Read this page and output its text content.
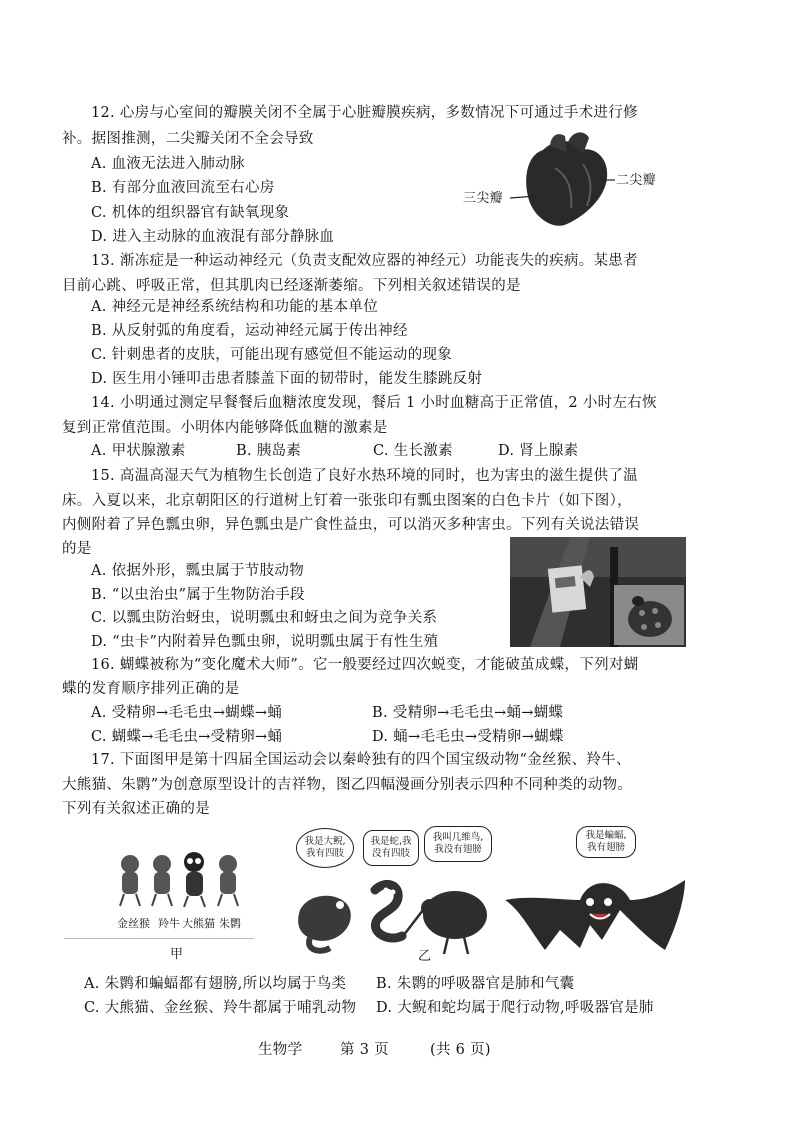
12. 心房与心室间的瓣膜关闭不全属于心脏瓣膜疾病，多数情况下可通过手术进行修
补。据图推测，二尖瓣关闭不全会导致
A. 血液无法进入肺动脉
B. 有部分血液回流至右心房
C. 机体的组织器官有缺氧现象
D. 进入主动脉的血液混有部分静脉血
三尖瓣
二尖瓣
13. 渐冻症是一种运动神经元（负责支配效应器的神经元）功能丧失的疾病。某患者
目前心跳、呼吸正常，但其肌肉已经逐渐萎缩。下列相关叙述错误的是
A. 神经元是神经系统结构和功能的基本单位
B. 从反射弧的角度看，运动神经元属于传出神经
C. 针刺患者的皮肤，可能出现有感觉但不能运动的现象
D. 医生用小锤叩击患者膝盖下面的韧带时，能发生膝跳反射
14. 小明通过测定早餐餐后血糖浓度发现，餐后 1 小时血糖高于正常值，2 小时左右恢
复到正常值范围。小明体内能够降低血糖的激素是
A. 甲状腺激素	B. 胰岛素	C. 生长激素	D. 肾上腺素
15. 高温高湿天气为植物生长创造了良好水热环境的同时，也为害虫的滋生提供了温
床。入夏以来，北京朝阳区的行道树上钉着一张张印有瓢虫图案的白色卡片（如下图），
内侧附着了异色瓢虫卵，异色瓢虫是广食性益虫，可以消灭多种害虫。下列有关说法错误
的是
A. 依据外形，瓢虫属于节肢动物
B. “以虫治虫”属于生物防治手段
C. 以瓢虫防治蚜虫，说明瓢虫和蚜虫之间为竞争关系
D. “虫卡”内附着异色瓢虫卵，说明瓢虫属于有性生殖
16. 蝴蝶被称为“变化魔术大师”。它一般要经过四次蜕变，才能破茧成蝶，下列对蝴
蝶的发育顺序排列正确的是
A. 受精卵→毛毛虫→蝴蝶→蛹	B. 受精卵→毛毛虫→蛹→蝴蝶
C. 蝴蝶→毛毛虫→受精卵→蛹	D. 蛹→毛毛虫→受精卵→蝴蝶
17. 下面图甲是第十四届全国运动会以秦岭独有的四个国宝级动物“金丝猴、羚牛、
大熊猫、朱鹮”为创意原型设计的吉祥物，图乙四幅漫画分别表示四种不同种类的动物。
下列有关叙述正确的是
金丝猴 羚牛 大熊猫 朱鹮
甲
我是大鲵,
我有四肢
我是蛇,我
没有四肢
我叫几维鸟,
我没有翅膀
我是蝙蝠,
我有翅膀
乙
A. 朱鹮和蝙蝠都有翅膀,所以均属于鸟类 B. 朱鹮的呼吸器官是肺和气囊
C. 大熊猫、金丝猴、羚牛都属于哺乳动物 D. 大鲵和蛇均属于爬行动物,呼吸器官是肺
生物学	第 3 页	(共 6 页)
